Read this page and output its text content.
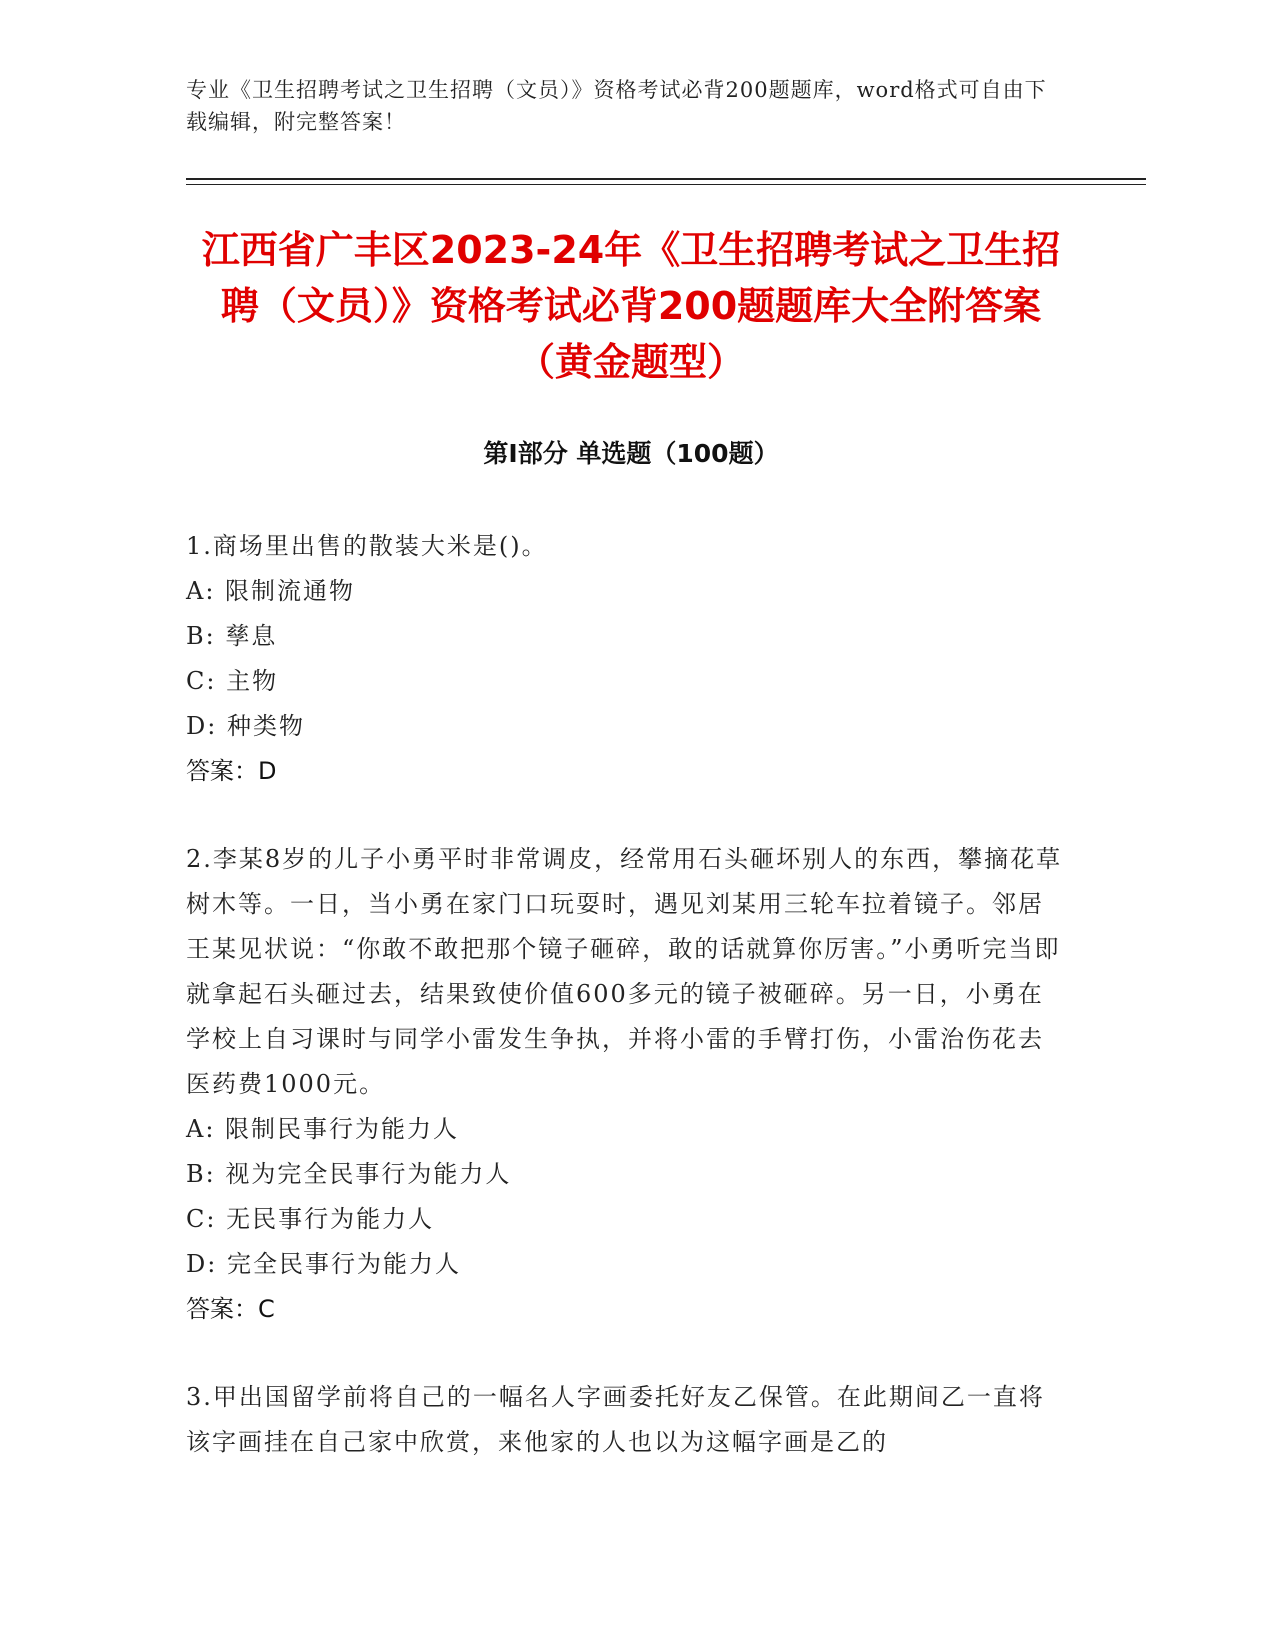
专业《卫生招聘考试之卫生招聘（文员）》资格考试必背200题题库，word格式可自由下载编辑，附完整答案！
江西省广丰区2023-24年《卫生招聘考试之卫生招聘（文员）》资格考试必背200题题库大全附答案（黄金题型）
第Ⅰ部分 单选题（100题）

1.商场里出售的散装大米是()。

A: 限制流通物

B: 孳息

C: 主物

D: 种类物

答案：D

2.李某8岁的儿子小勇平时非常调皮，经常用石头砸坏别人的东西，攀摘花草树木等。一日，当小勇在家门口玩耍时，遇见刘某用三轮车拉着镜子。邻居王某见状说：“你敢不敢把那个镜子砸碎，敢的话就算你厉害。”小勇听完当即就拿起石头砸过去，结果致使价值600多元的镜子被砸碎。另一日，小勇在学校上自习课时与同学小雷发生争执，并将小雷的手臂打伤，小雷治伤花去医药费1000元。

A: 限制民事行为能力人

B: 视为完全民事行为能力人

C: 无民事行为能力人

D: 完全民事行为能力人

答案：C

3.甲出国留学前将自己的一幅名人字画委托好友乙保管。在此期间乙一直将该字画挂在自己家中欣赏，来他家的人也以为这幅字画是乙的
